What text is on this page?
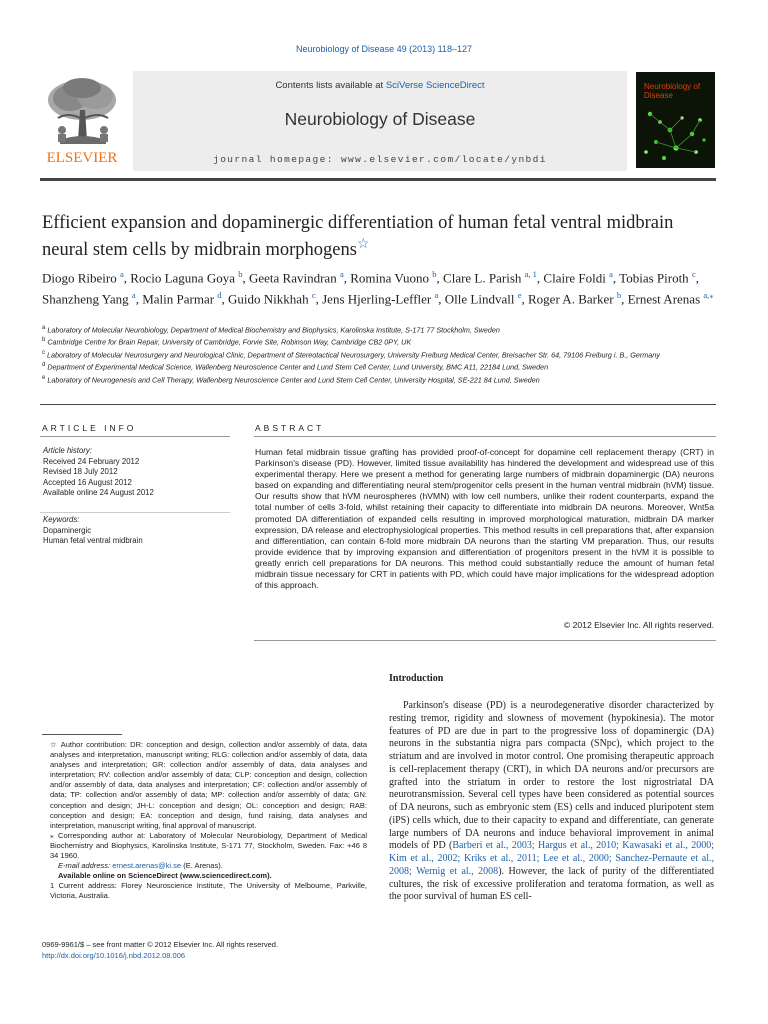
Neurobiology of Disease 49 (2013) 118–127
Contents lists available at SciVerse ScienceDirect
Neurobiology of Disease
journal homepage: www.elsevier.com/locate/ynbdi
ELSEVIER
Neurobiology of Disease
Efficient expansion and dopaminergic differentiation of human fetal ventral midbrain neural stem cells by midbrain morphogens☆
Diogo Ribeiro $^a$, Rocio Laguna Goya $^b$, Geeta Ravindran $^a$, Romina Vuono $^b$, Clare L. Parish $^{a, 1}$, Claire Foldi $^a$, Tobias Piroth $^c$, Shanzheng Yang $^a$, Malin Parmar $^d$, Guido Nikkhah $^c$, Jens Hjerling-Leffler $^a$, Olle Lindvall $^e$, Roger A. Barker $^b$, Ernest Arenas $^{a,⁎}$
$^a$ Laboratory of Molecular Neurobiology, Department of Medical Biochemistry and Biophysics, Karolinska Institute, S-171 77 Stockholm, Sweden
$^b$ Cambridge Centre for Brain Repair, University of Cambridge, Forvie Site, Robinson Way, Cambridge CB2 0PY, UK
$^c$ Laboratory of Molecular Neurosurgery and Neurological Clinic, Department of Stereotactical Neurosurgery, University Freiburg Medical Center, Breisacher Str. 64, 79106 Freiburg i. B., Germany
$^d$ Department of Experimental Medical Science, Wallenberg Neuroscience Center and Lund Stem Cell Center, Lund University, BMC A11, 22184 Lund, Sweden
$^e$ Laboratory of Neurogenesis and Cell Therapy, Wallenberg Neuroscience Center and Lund Stem Cell Center, University Hospital, SE-221 84 Lund, Sweden
ARTICLE INFO
Article history:
Received 24 February 2012
Revised 18 July 2012
Accepted 16 August 2012
Available online 24 August 2012
Keywords:
Dopaminergic
Human fetal ventral midbrain
ABSTRACT
Human fetal midbrain tissue grafting has provided proof-of-concept for dopamine cell replacement therapy (CRT) in Parkinson's disease (PD). However, limited tissue availability has hindered the development and widespread use of this experimental therapy. Here we present a method for generating large numbers of midbrain dopaminergic (DA) neurons based on expanding and differentiating neural stem/progenitor cells present in the human ventral midbrain (hVM) tissue. Our results show that hVM neurospheres (hVMN) with low cell numbers, unlike their rodent counterparts, expand the total number of cells 3-fold, whilst retaining their capacity to differentiate into midbrain DA neurons. Moreover, Wnt5a promoted DA differentiation of expanded cells resulting in improved morphological maturation, midbrain DA marker expression, DA release and electrophysiological properties. This method results in cell preparations that, after expansion and differentiation, can contain 6-fold more midbrain DA neurons than the starting VM preparation. Thus, our results provide evidence that by improving expansion and differentiation of progenitors present in the hVM it is possible to greatly enrich cell preparations for DA neurons. This method could substantially reduce the amount of human fetal midbrain tissue necessary for CRT in patients with PD, which could have major implications for the widespread adoption of this approach.
© 2012 Elsevier Inc. All rights reserved.
Introduction

Parkinson's disease (PD) is a neurodegenerative disorder characterized by resting tremor, rigidity and slowness of movement (hypokinesia). The motor features of PD are due in part to the progressive loss of dopaminergic (DA) neurons in the substantia nigra pars compacta (SNpc), which project to the striatum and are involved in motor control. One promising therapeutic approach is cell-replacement therapy (CRT), in which DA neurons and/or precursors are grafted into the striatum in order to restore the lost nigrostriatal DA neurotransmission. Several cell types have been considered as potential sources of DA neurons, such as embryonic stem (ES) cells and induced pluripotent stem (iPS) cells which, due to their capacity to expand and differentiate, can generate large numbers of DA neurons and induce behavioral improvement in animal models of PD (Barberi et al., 2003; Hargus et al., 2010; Kawasaki et al., 2000; Kim et al., 2002; Kriks et al., 2011; Lee et al., 2000; Sanchez-Pernaute et al., 2008; Wernig et al., 2008). However, the lack of purity of the differentiated cultures, the risk of excessive proliferation and teratoma formation, as well as the poor survival of human ES cell-

☆ Author contribution: DR: conception and design, collection and/or assembly of data, data analyses and interpretation, manuscript writing; RLG: collection and/or assembly of data, data analyses and interpretation; GR: collection and/or assembly of data, data analyses and interpretation; RV: collection and/or assembly of data; CLP: conception and design, collection and/or assembly of data, data analyses and interpretation; CF: collection and/or assembly of data; TP: collection and/or assembly of data; MP: collection and/or assembly of data; GN: conception and design; JH-L: conception and design; OL: conception and design; RAB: conception and design; EA: conception and design, fund raising, data analyses and interpretation, manuscript writing, final approval of manuscript.

⁎ Corresponding author at: Laboratory of Molecular Neurobiology, Department of Medical Biochemistry and Biophysics, Karolinska Institute, S-171 77, Stockholm, Sweden. Fax: +46 8 34 1960.

E-mail address: ernest.arenas@ki.se (E. Arenas).

Available online on ScienceDirect (www.sciencedirect.com).

1 Current address: Florey Neuroscience Institute, The University of Melbourne, Parkville, Victoria, Australia.

0969-9961/$ – see front matter © 2012 Elsevier Inc. All rights reserved.
http://dx.doi.org/10.1016/j.nbd.2012.08.006
